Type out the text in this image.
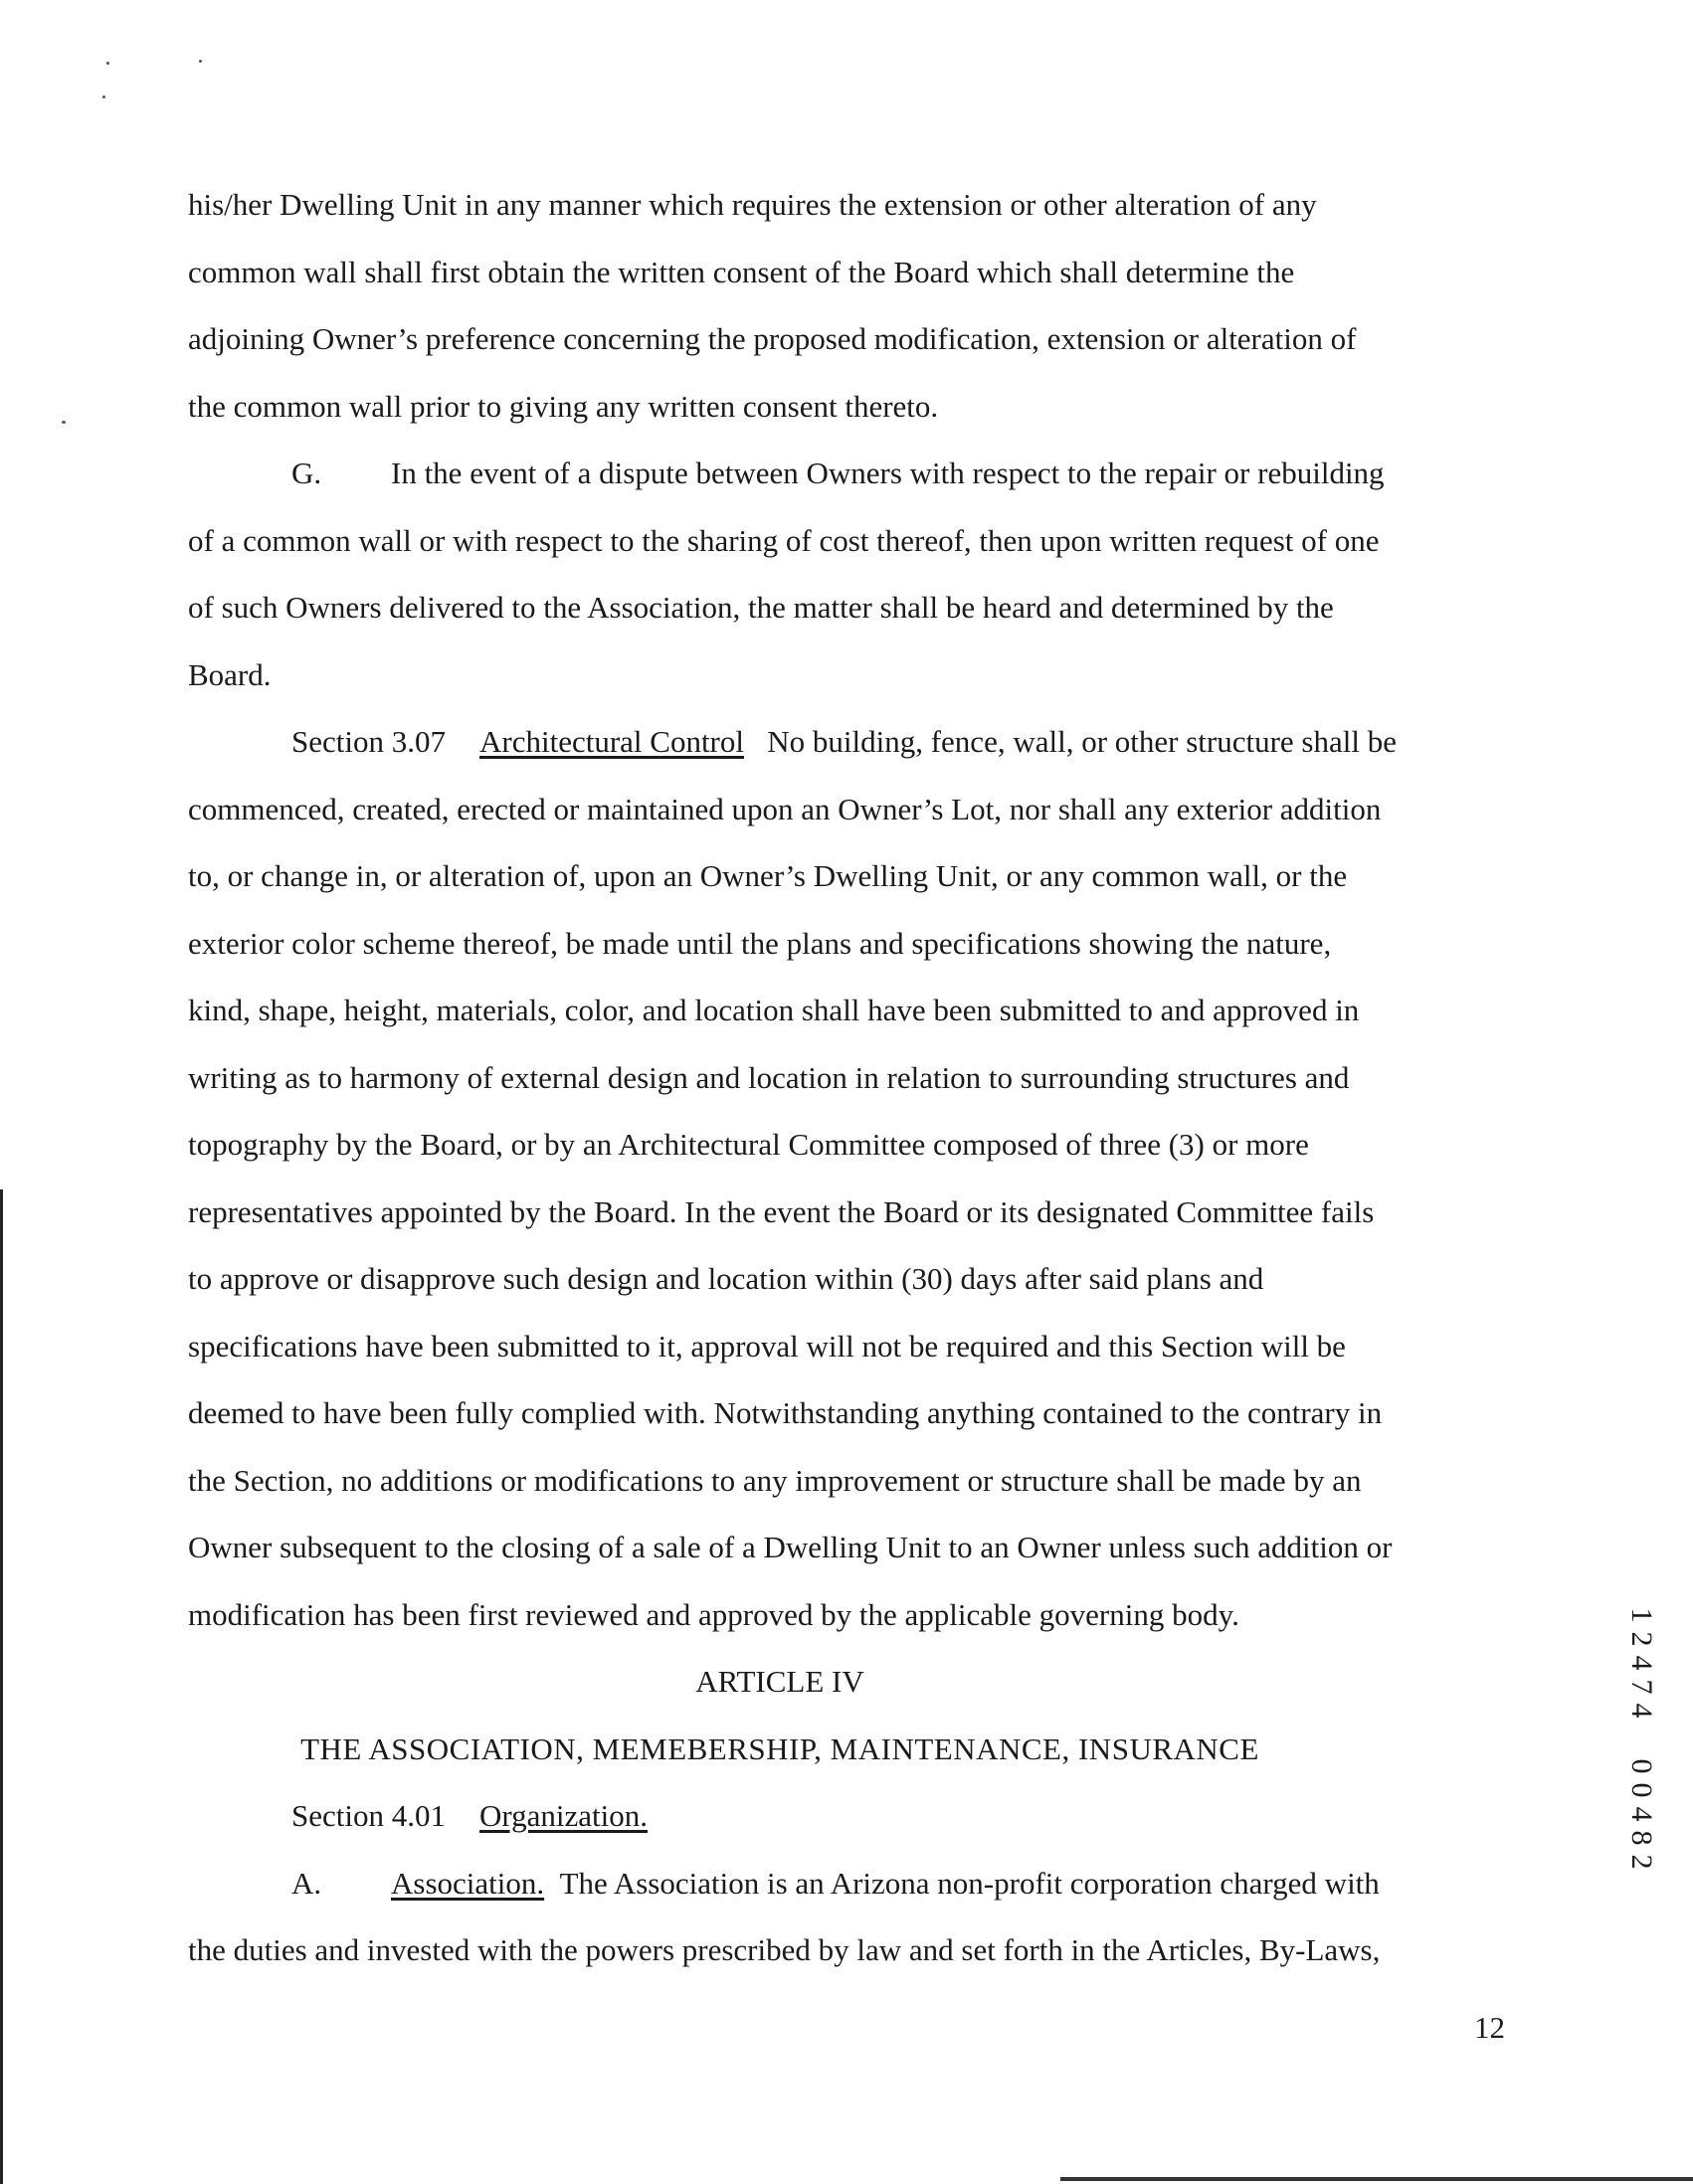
his/her Dwelling Unit in any manner which requires the extension or other alteration of any
common wall shall first obtain the written consent of the Board which shall determine the
adjoining Owner’s preference concerning the proposed modification, extension or alteration of
the common wall prior to giving any written consent thereto.
G. In the event of a dispute between Owners with respect to the repair or rebuilding
of a common wall or with respect to the sharing of cost thereof, then upon written request of one
of such Owners delivered to the Association, the matter shall be heard and determined by the
Board.
Section 3.07 Architectural Control No building, fence, wall, or other structure shall be
commenced, created, erected or maintained upon an Owner’s Lot, nor shall any exterior addition
to, or change in, or alteration of, upon an Owner’s Dwelling Unit, or any common wall, or the
exterior color scheme thereof, be made until the plans and specifications showing the nature,
kind, shape, height, materials, color, and location shall have been submitted to and approved in
writing as to harmony of external design and location in relation to surrounding structures and
topography by the Board, or by an Architectural Committee composed of three (3) or more
representatives appointed by the Board. In the event the Board or its designated Committee fails
to approve or disapprove such design and location within (30) days after said plans and
specifications have been submitted to it, approval will not be required and this Section will be
deemed to have been fully complied with. Notwithstanding anything contained to the contrary in
the Section, no additions or modifications to any improvement or structure shall be made by an
Owner subsequent to the closing of a sale of a Dwelling Unit to an Owner unless such addition or
modification has been first reviewed and approved by the applicable governing body.
ARTICLE IV
THE ASSOCIATION, MEMEBERSHIP, MAINTENANCE, INSURANCE
Section 4.01 Organization.
A. Association. The Association is an Arizona non-profit corporation charged with
the duties and invested with the powers prescribed by law and set forth in the Articles, By-Laws,
1
2
4
7
4
0
0
4
8
2
12
